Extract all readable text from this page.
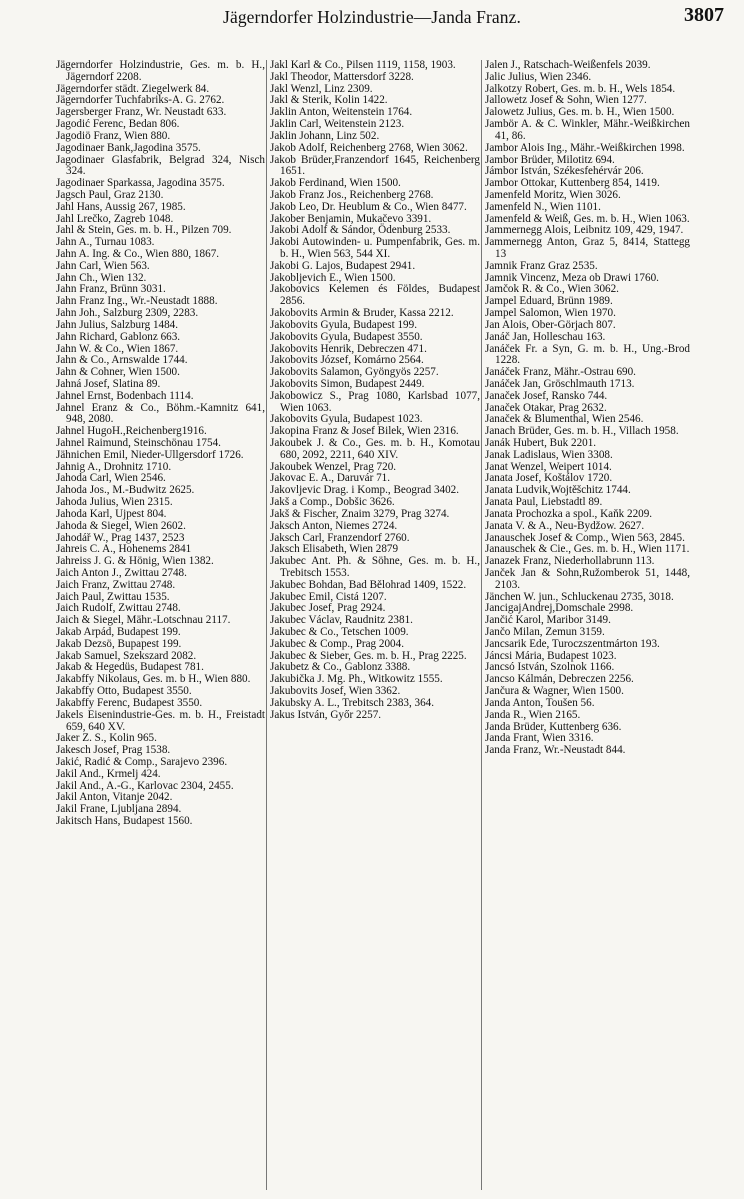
Jägerndorfer Holzindustrie—Janda Franz.	3807

Jägerndorfer Holzindustrie, Ges. m. b. H., Jägerndorf 2208.

Jägerndorfer städt. Ziegelwerk 84.

Jägerndorfer Tuchfabriks-A. G. 2762.

Jagersberger Franz, Wr. Neustadt 633.

Jagodić Ferenc, Bedan 806.

Jagodiö Franz, Wien 880.

Jagodinaer Bank,Jagodina 3575.

Jagodinaer Glasfabrik, Belgrad 324, Nisch 324.

Jagodinaer Sparkassa, Jagodina 3575.

Jagsch Paul, Graz 2130.

Jahl Hans, Aussig 267, 1985.

Jahl Lrečko, Zagreb 1048.

Jahl & Stein, Ges. m. b. H., Pilzen 709.

Jahn A., Turnau 1083.

Jahn A. Ing. & Co., Wien 880, 1867.

Jahn Carl, Wien 563.

Jahn Ch., Wien 132.

Jahn Franz, Brünn 3031.

Jahn Franz Ing., Wr.-Neustadt 1888.

Jahn Joh., Salzburg 2309, 2283.

Jahn Julius, Salzburg 1484.

Jahn Richard, Gablonz 663.

Jahn W. & Co., Wien 1867.

Jahn & Co., Arnswalde 1744.

Jahn & Cohner, Wien 1500.

Jahná Josef, Slatina 89.

Jahnel Ernst, Bodenbach 1114.

Jahnel Eranz & Co., Böhm.-Kamnitz 641, 948, 2080.

Jahnel HugoH.,Reichenberg1916.

Jahnel Raimund, Steinschönau 1754.

Jähnichen Emil, Nieder-Ullgersdorf 1726.

Jahnig A., Drohnitz 1710.

Jahoda Carl, Wien 2546.

Jahoda Jos., M.-Budwitz 2625.

Jahoda Julius, Wien 2315.

Jahoda Karl, Ujpest 804.

Jahoda & Siegel, Wien 2602.

Jahodář W., Prag 1437, 2523

Jahreis C. A., Hohenems 2841

Jahreiss J. G. & Hönig, Wien 1382.

Jaich Anton J., Zwittau 2748.

Jaich Franz, Zwittau 2748.

Jaich Paul, Zwittau 1535.

Jaich Rudolf, Zwittau 2748.

Jaich & Siegel, Mähr.-Lotschnau 2117.

Jakab Arpád, Budapest 199.

Jakab Dezsö, Bupapest 199.

Jakab Samuel, Szekszard 2082.

Jakab & Hegedüs, Budapest 781.

Jakabffy Nikolaus, Ges. m. b H., Wien 880.

Jakabffy Otto, Budapest 3550.

Jakabffy Ferenc, Budapest 3550.

Jakels Eisenindustrie-Ges. m. b. H., Freistadt 659, 640 XV.

Jaker Z. S., Kolin 965.

Jakesch Josef, Prag 1538.

Jakić, Radić & Comp., Sarajevo 2396.

Jakil And., Krmelj 424.

Jakil And., A.-G., Karlovac 2304, 2455.

Jakil Anton, Vitanje 2042.

Jakil Frane, Ljubljana 2894.

Jakitsch Hans, Budapest 1560.

Jakl Karl & Co., Pilsen 1119, 1158, 1903.

Jakl Theodor, Mattersdorf 3228.

Jakl Wenzl, Linz 2309.

Jakl & Sterik, Kolin 1422.

Jaklin Anton, Weitenstein 1764.

Jaklin Carl, Weitenstein 2123.

Jaklin Johann, Linz 502.

Jakob Adolf, Reichenberg 2768, Wien 3062.

Jakob Brüder,Franzendorf 1645, Reichenberg 1651.

Jakob Ferdinand, Wien 1500.

Jakob Franz Jos., Reichenberg 2768.

Jakob Leo, Dr. Heublum & Co., Wien 8477.

Jakober Benjamin, Mukačevo 3391.

Jakobi Adolf & Sándor, Ödenburg 2533.

Jakobi Autowinden- u. Pumpenfabrik, Ges. m. b. H., Wien 563, 544 XI.

Jakobi G. Lajos, Budapest 2941.

Jakobljevich E., Wien 1500.

Jakobovics Kelemen és Földes, Budapest 2856.

Jakobovits Armin & Bruder, Kassa 2212.

Jakobovits Gyula, Budapest 199.

Jakobovits Gyula, Budapest 3550.

Jakobovits Henrik, Debreczen 471.

Jakobovits József, Komárno 2564.

Jakobovits Salamon, Gyöngyös 2257.

Jakobovits Simon, Budapest 2449.

Jakobowicz S., Prag 1080, Karlsbad 1077, Wien 1063.

Jakobovits Gyula, Budapest 1023.

Jakopina Franz & Josef Bilek, Wien 2316.

Jakoubek J. & Co., Ges. m. b. H., Komotau 680, 2092, 2211, 640 XIV.

Jakoubek Wenzel, Prag 720.

Jakovac E. A., Daruvár 71.

Jakovljevic Drag. i Komp., Beograd 3402.

Jakš a Comp., Dobšic 3626.

Jakš & Fischer, Znaim 3279, Prag 3274.

Jaksch Anton, Niemes 2724.

Jaksch Carl, Franzendorf 2760.

Jaksch Elisabeth, Wien 2879

Jakubec Ant. Ph. & Söhne, Ges. m. b. H., Trebitsch 1553.

Jakubec Bohdan, Bad Bělohrad 1409, 1522.

Jakubec Emil, Cistá 1207.

Jakubec Josef, Prag 2924.

Jakubec Václav, Raudnitz 2381.

Jakubec & Co., Tetschen 1009.

Jakubec & Comp., Prag 2004.

Jakubec & Sieber, Ges. m. b. H., Prag 2225.

Jakubetz & Co., Gablonz 3388.

Jakubička J. Mg. Ph., Witkowitz 1555.

Jakubovits Josef, Wien 3362.

Jakubsky A. L., Trebitsch 2383, 364.

Jakus István, Győr 2257.

Jalen J., Ratschach-Weißenfels 2039.

Jalic Julius, Wien 2346.

Jalkotzy Robert, Ges. m. b. H., Wels 1854.

Jallowetz Josef & Sohn, Wien 1277.

Jalowetz Julius, Ges. m. b. H., Wien 1500.

Jambör A. & C. Winkler, Mähr.-Weißkirchen 41, 86.

Jambor Alois Ing., Mähr.-Weißkirchen 1998.

Jambor Brüder, Milotitz 694.

Jámbor István, Székesfehérvár 206.

Jambor Ottokar, Kuttenberg 854, 1419.

Jamenfeld Moritz, Wien 3026.

Jamenfeld N., Wien 1101.

Jamenfeld & Weiß, Ges. m. b. H., Wien 1063.

Jammernegg Alois, Leibnitz 109, 429, 1947.

Jammernegg Anton, Graz 5, 8414, Stattegg 13

Jamnik Franz Graz 2535.

Jamnik Vincenz, Meza ob Drawi 1760.

Jamčok R. & Co., Wien 3062.

Jampel Eduard, Brünn 1989.

Jampel Salomon, Wien 1970.

Jan Alois, Ober-Görjach 807.

Janáč Jan, Holleschau 163.

Janáček Fr. a Syn, G. m. b. H., Ung.-Brod 1228.

Janáček Franz, Mähr.-Ostrau 690.

Janáček Jan, Gröschlmauth 1713.

Janaček Josef, Ransko 744.

Janaček Otakar, Prag 2632.

Janaček & Blumenthal, Wien 2546.

Janach Brüder, Ges. m. b. H., Villach 1958.

Janák Hubert, Buk 2201.

Janak Ladislaus, Wien 3308.

Janat Wenzel, Weipert 1014.

Janata Josef, Koštálov 1720.

Janata Ludvik,Wojtěšchitz 1744.

Janata Paul, Liebstadtl 89.

Janata Prochozka a spol., Kaňk 2209.

Janata V. & A., Neu-Bydžow. 2627.

Janauschek Josef & Comp., Wien 563, 2845.

Janauschek & Cie., Ges. m. b. H., Wien 1171.

Janazek Franz, Niederhollabrunn 113.

Janček Jan & Sohn,Ružomberok 51, 1448, 2103.

Jänchen W. jun., Schluckenau 2735, 3018.

JancigajAndrej,Domschale 2998.

Jančić Karol, Maribor 3149.

Jančo Milan, Zemun 3159.

Jancsarik Ede, Turoczszentmárton 193.

Jáncsi Mária, Budapest 1023.

Jancsó István, Szolnok 1166.

Jancso Kálmán, Debreczen 2256.

Jančura & Wagner, Wien 1500.

Janda Anton, Toušen 56.

Janda R., Wien 2165.

Janda Brüder, Kuttenberg 636.

Janda Frant, Wien 3316.

Janda Franz, Wr.-Neustadt 844.
